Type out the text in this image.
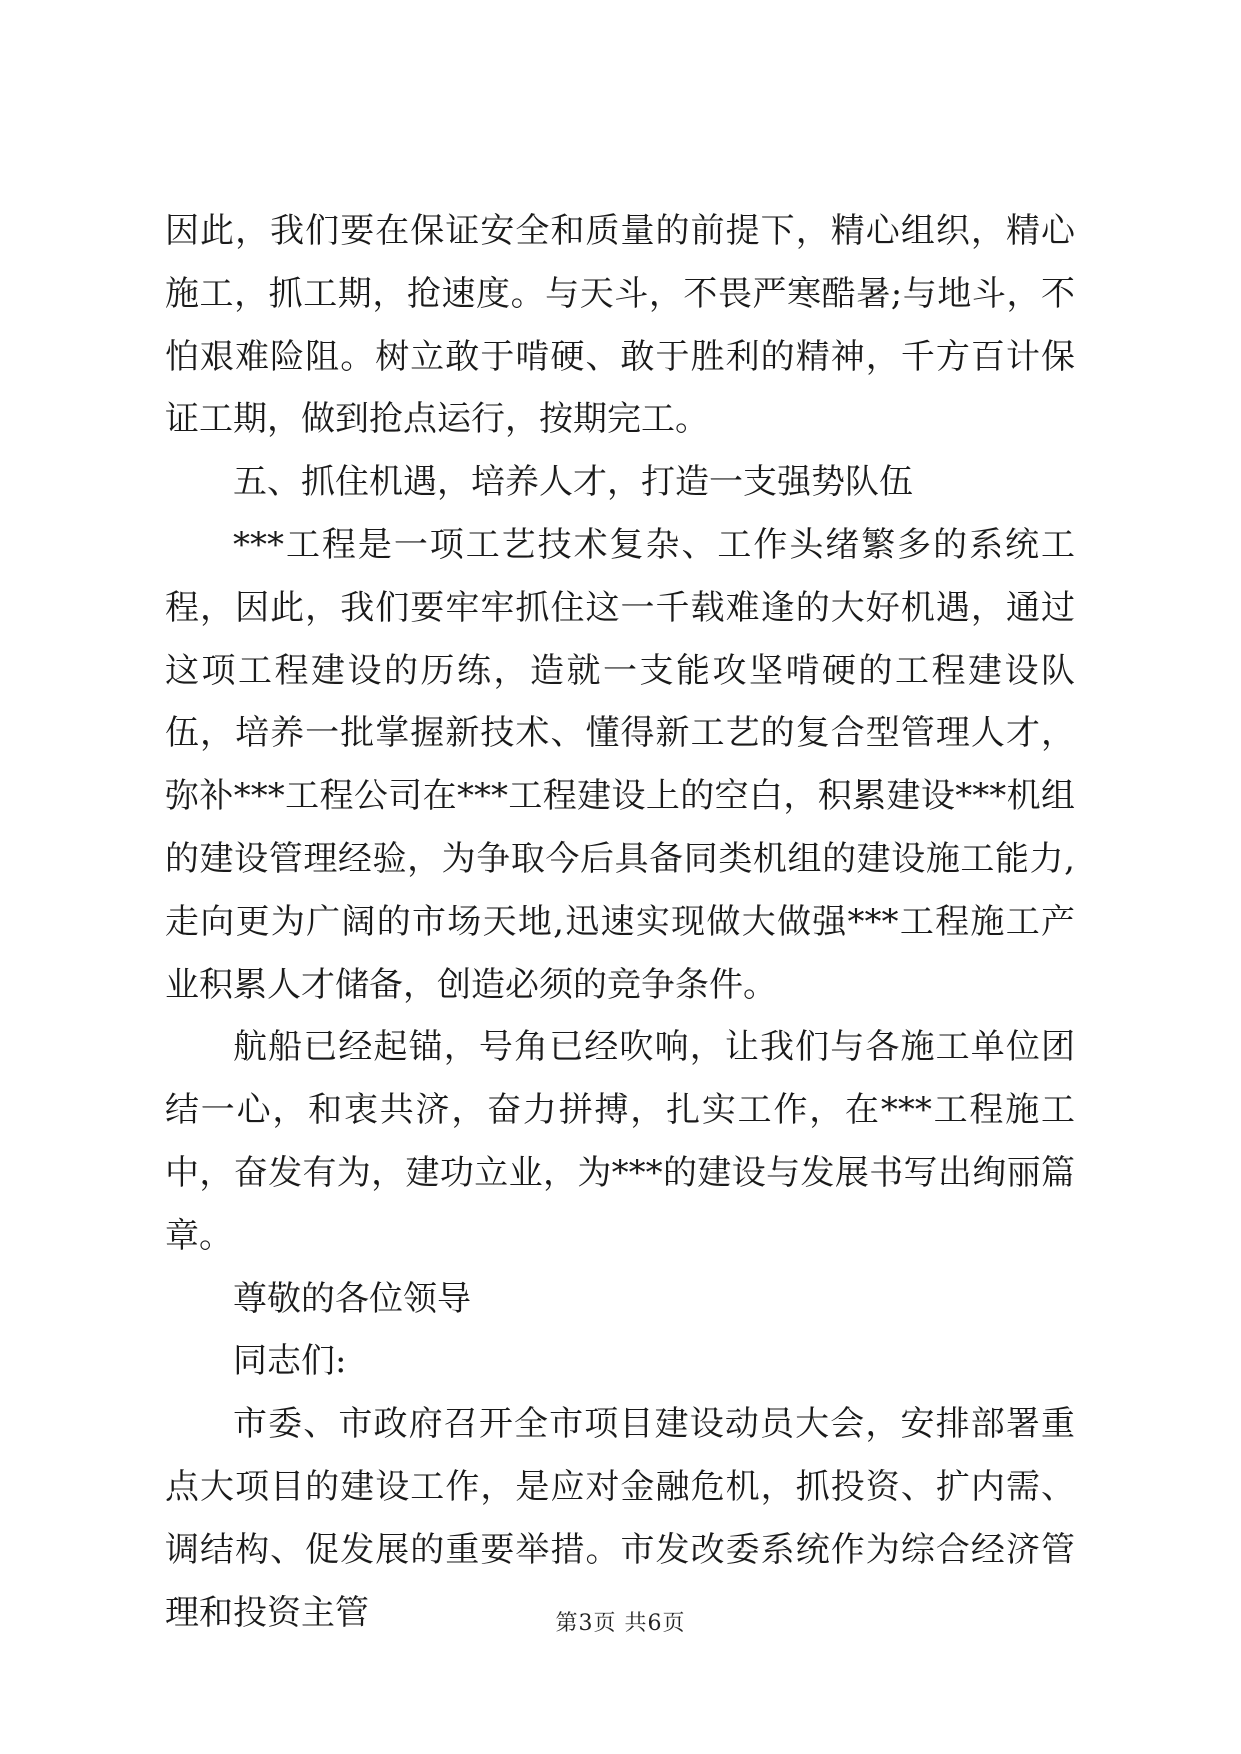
因此，我们要在保证安全和质量的前提下，精心组织，精心施工，抓工期，抢速度。与天斗，不畏严寒酷暑;与地斗，不怕艰难险阻。树立敢于啃硬、敢于胜利的精神，千方百计保证工期，做到抢点运行，按期完工。

五、抓住机遇，培养人才，打造一支强势队伍

***工程是一项工艺技术复杂、工作头绪繁多的系统工程，因此，我们要牢牢抓住这一千载难逢的大好机遇，通过这项工程建设的历练，造就一支能攻坚啃硬的工程建设队伍，培养一批掌握新技术、懂得新工艺的复合型管理人才，弥补***工程公司在***工程建设上的空白，积累建设***机组的建设管理经验，为争取今后具备同类机组的建设施工能力,走向更为广阔的市场天地,迅速实现做大做强***工程施工产业积累人才储备，创造必须的竞争条件。

航船已经起锚，号角已经吹响，让我们与各施工单位团结一心，和衷共济，奋力拼搏，扎实工作，在***工程施工中，奋发有为，建功立业，为***的建设与发展书写出绚丽篇章。

尊敬的各位领导

同志们:

市委、市政府召开全市项目建设动员大会，安排部署重点大项目的建设工作，是应对金融危机，抓投资、扩内需、调结构、促发展的重要举措。市发改委系统作为综合经济管理和投资主管	第3页 共6页
